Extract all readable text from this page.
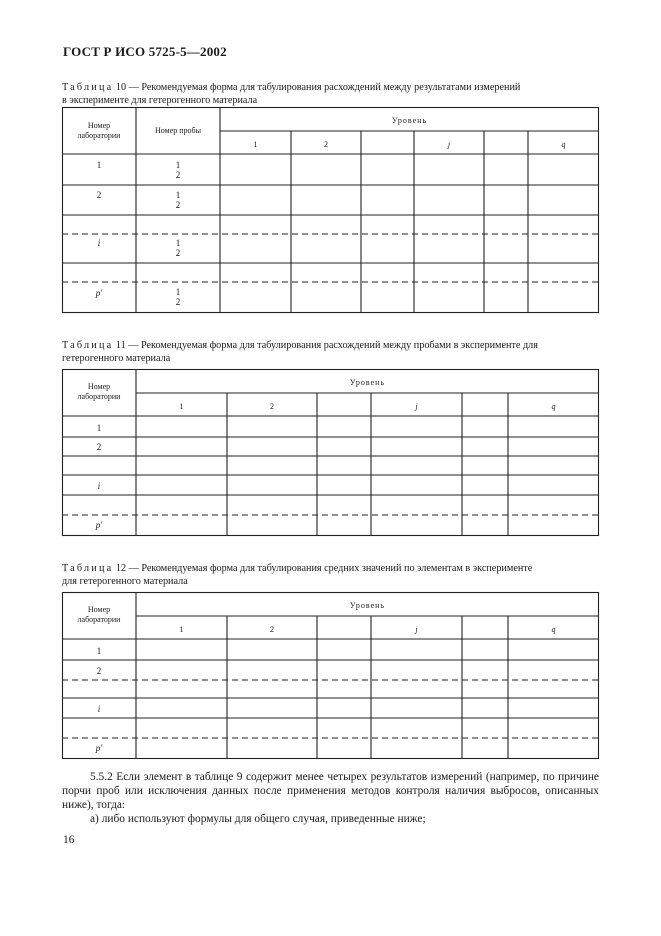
ГОСТ Р ИСО 5725-5—2002
Таблица 10 — Рекомендуемая форма для табулирования расхождений между результатами измерений
в эксперименте для гетерогенного материала
Номер
лаборатории
Номер пробы
Уровень
1	2	j	q
1	1
2
2	1
2
i	1
2
p'	1
2
Таблица 11 — Рекомендуемая форма для табулирования расхождений между пробами в эксперименте для
гетерогенного материала
Номер
лаборатории
Уровень
1	2	j	q
1
2
i
p'
Таблица 12 — Рекомендуемая форма для табулирования средних значений по элементам в эксперименте
для гетерогенного материала
Номер
лаборатории
Уровень
1	2	j	q
1
2
i
p'
5.5.2 Если элемент в таблице 9 содержит менее четырех результатов измерений (например, по причине порчи проб или исключения данных после применения методов контроля наличия выбросов, описанных ниже), тогда:
а) либо используют формулы для общего случая, приведенные ниже;
16
